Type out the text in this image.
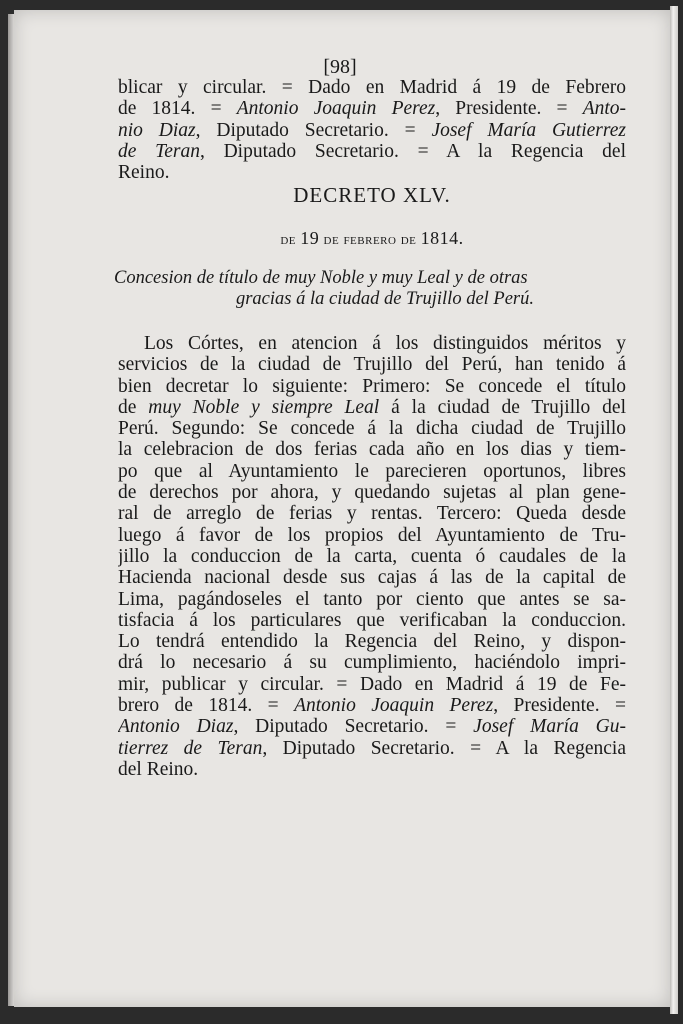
[98]
blicar y circular. = Dado en Madrid á 19 de Febrero
de 1814. = Antonio Joaquin Perez, Presidente. = Anto-
nio Diaz, Diputado Secretario. = Josef María Gutierrez
de Teran, Diputado Secretario. = A la Regencia del
Reino.
DECRETO XLV.
de 19 de febrero de 1814.
Concesion de título de muy Noble y muy Leal y de otras
gracias á la ciudad de Trujillo del Perú.
Los Córtes, en atencion á los distinguidos méritos y
servicios de la ciudad de Trujillo del Perú, han tenido á
bien decretar lo siguiente: Primero: Se concede el título
de muy Noble y siempre Leal á la ciudad de Trujillo del
Perú. Segundo: Se concede á la dicha ciudad de Trujillo
la celebracion de dos ferias cada año en los dias y tiem-
po que al Ayuntamiento le parecieren oportunos, libres
de derechos por ahora, y quedando sujetas al plan gene-
ral de arreglo de ferias y rentas. Tercero: Queda desde
luego á favor de los propios del Ayuntamiento de Tru-
jillo la conduccion de la carta, cuenta ó caudales de la
Hacienda nacional desde sus cajas á las de la capital de
Lima, pagándoseles el tanto por ciento que antes se sa-
tisfacia á los particulares que verificaban la conduccion.
Lo tendrá entendido la Regencia del Reino, y dispon-
drá lo necesario á su cumplimiento, haciéndolo impri-
mir, publicar y circular. = Dado en Madrid á 19 de Fe-
brero de 1814. = Antonio Joaquin Perez, Presidente. =
Antonio Diaz, Diputado Secretario. = Josef María Gu-
tierrez de Teran, Diputado Secretario. = A la Regencia
del Reino.
